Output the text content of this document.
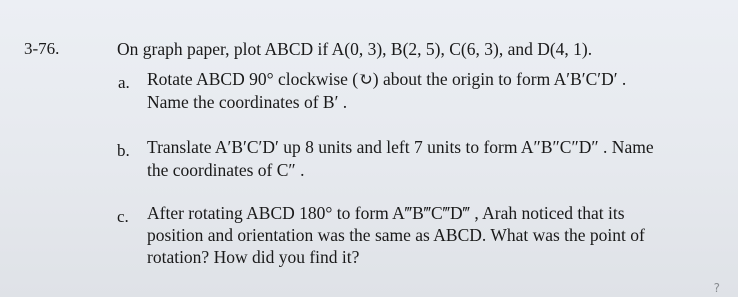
3-76.	On graph paper, plot ABCD if A(0, 3), B(2, 5), C(6, 3), and D(4, 1).
a. Rotate ABCD 90° clockwise (↻) about the origin to form A′B′C′D′ .
Name the coordinates of B′ .
b. Translate A′B′C′D′ up 8 units and left 7 units to form A″B″C″D″ . Name
the coordinates of C″ .
c. After rotating ABCD 180° to form A‴B‴C‴D‴ , Arah noticed that its
position and orientation was the same as ABCD. What was the point of
rotation? How did you find it?
?
